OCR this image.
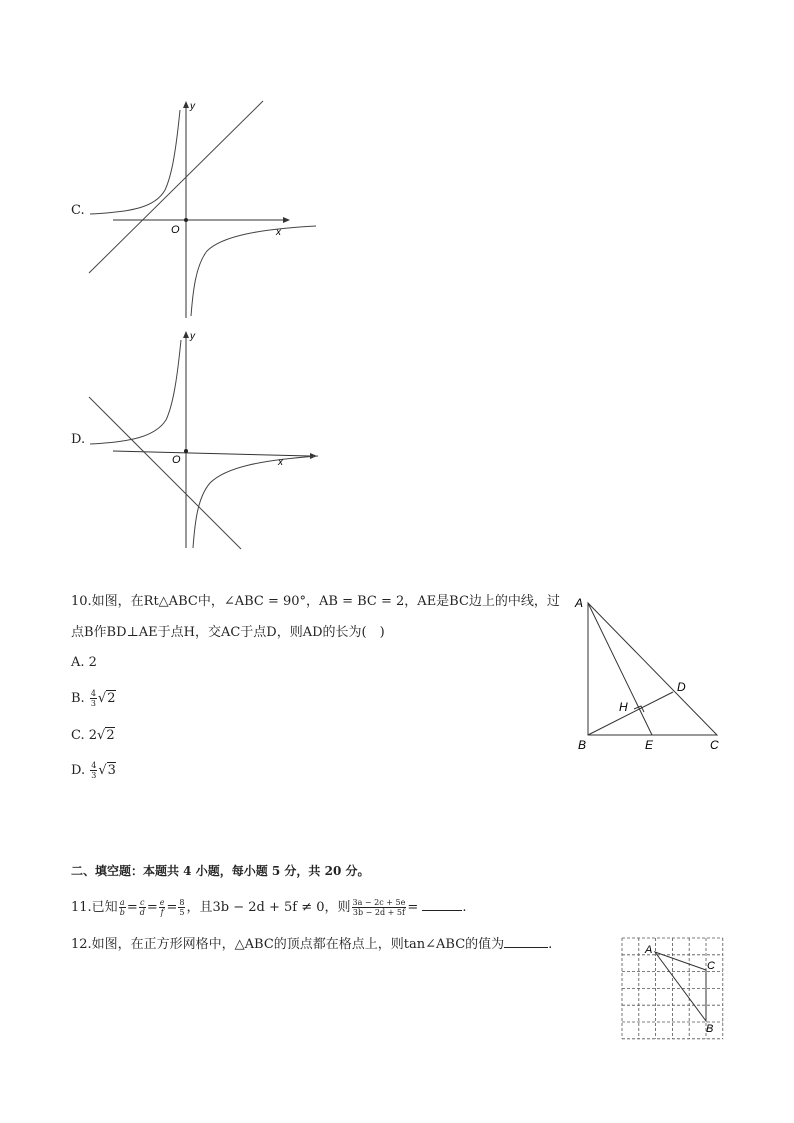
C.
y
x
O
D.
y
x
O
10.如图，在Rt△ABC中，∠ABC = 90°，AB = BC = 2，AE是BC边上的中线，过
点B作BD⊥AE于点H，交AC于点D，则AD的长为(　)
A. 2
B. $\frac{4}{3} √2$
C. 2√2
D. $\frac{4}{3} √3$
A
B	C
E
D
H
二、填空题：本题共 4 小题，每小题 5 分，共 20 分。
11.已知 $\frac{a}{b} = \frac{c}{d} = \frac{e}{f} = \frac{8}{5}$ ，且3b − 2d + 5f ≠ 0，则 $\frac{3a - 2c + 5e}{3b - 2d + 5f}$ =	.
12.如图，在正方形网格中，△ABC的顶点都在格点上，则tan∠ABC的值为	.	A
C
B
